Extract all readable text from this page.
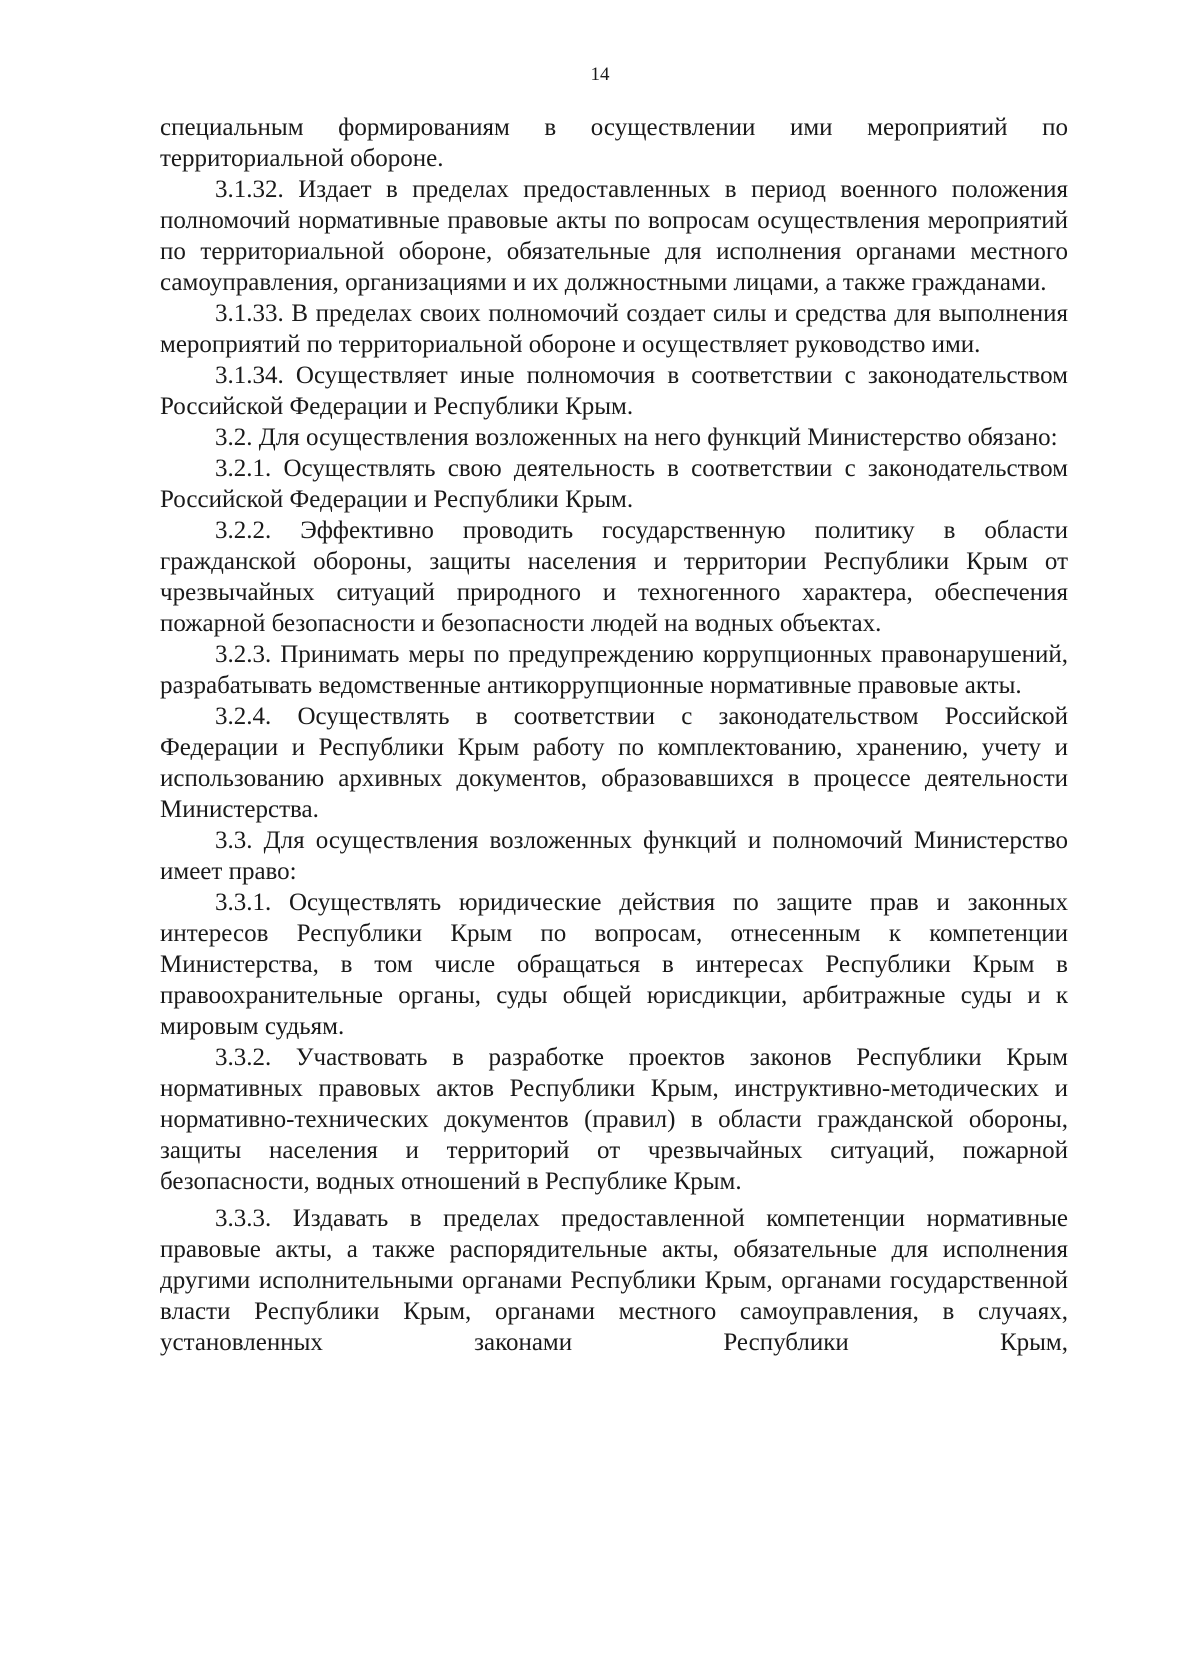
14

специальным формированиям в осуществлении ими мероприятий по территориальной обороне.

3.1.32. Издает в пределах предоставленных в период военного положения полномочий нормативные правовые акты по вопросам осуществления мероприятий по территориальной обороне, обязательные для исполнения органами местного самоуправления, организациями и их должностными лицами, а также гражданами.

3.1.33. В пределах своих полномочий создает силы и средства для выполнения мероприятий по территориальной обороне и осуществляет руководство ими.

3.1.34. Осуществляет иные полномочия в соответствии с законодательством Российской Федерации и Республики Крым.

3.2. Для осуществления возложенных на него функций Министерство обязано:

3.2.1. Осуществлять свою деятельность в соответствии с законодательством Российской Федерации и Республики Крым.

3.2.2. Эффективно проводить государственную политику в области гражданской обороны, защиты населения и территории Республики Крым от чрезвычайных ситуаций природного и техногенного характера, обеспечения пожарной безопасности и безопасности людей на водных объектах.

3.2.3. Принимать меры по предупреждению коррупционных правонарушений, разрабатывать ведомственные антикоррупционные нормативные правовые акты.

3.2.4. Осуществлять в соответствии с законодательством Российской Федерации и Республики Крым работу по комплектованию, хранению, учету и использованию архивных документов, образовавшихся в процессе деятельности Министерства.

3.3. Для осуществления возложенных функций и полномочий Министерство имеет право:

3.3.1. Осуществлять юридические действия по защите прав и законных интересов Республики Крым по вопросам, отнесенным к компетенции Министерства, в том числе обращаться в интересах Республики Крым в правоохранительные органы, суды общей юрисдикции, арбитражные суды и к мировым судьям.

3.3.2. Участвовать в разработке проектов законов Республики Крым нормативных правовых актов Республики Крым, инструктивно-методических и нормативно-технических документов (правил) в области гражданской обороны, защиты населения и территорий от чрезвычайных ситуаций, пожарной безопасности, водных отношений в Республике Крым.

3.3.3. Издавать в пределах предоставленной компетенции нормативные правовые акты, а также распорядительные акты, обязательные для исполнения другими исполнительными органами Республики Крым, органами государственной власти Республики Крым, органами местного самоуправления, в случаях, установленных законами Республики Крым,
